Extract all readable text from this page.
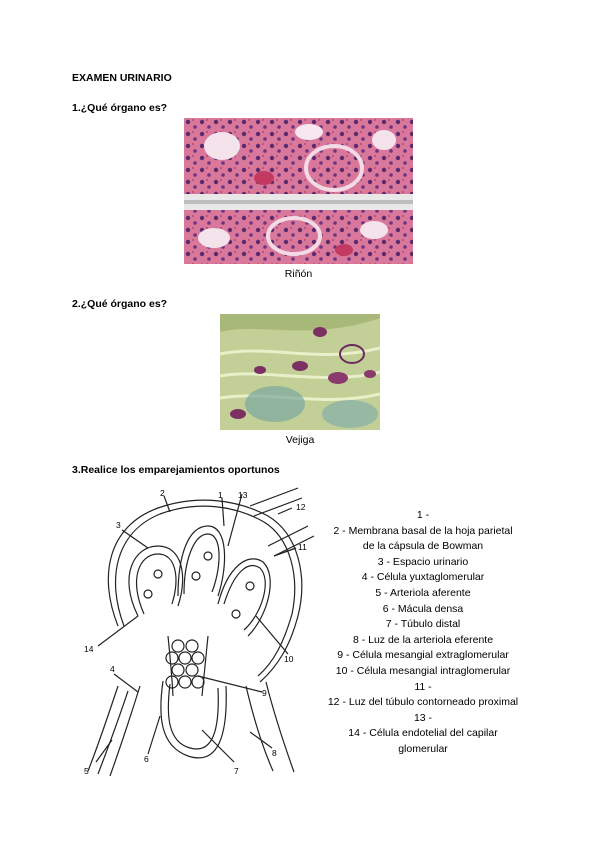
EXAMEN URINARIO
1.¿Qué órgano es?
Riñón
2.¿Qué órgano es?
Vejiga
3.Realice los emparejamientos oportunos
1
2
3
4
5
6
7
8
9
10
11
12
13
14
1 -
2 - Membrana basal de la hoja parietal
de la cápsula de Bowman
3 - Espacio urinario
4 - Célula yuxtaglomerular
5 - Arteriola aferente
6 - Mácula densa
7 - Túbulo distal
8 - Luz de la arteriola eferente
9 - Célula mesangial extraglomerular
10 - Célula mesangial intraglomerular
11 -
12 - Luz del túbulo contorneado proximal
13 -
14 - Célula endotelial del capilar
glomerular
